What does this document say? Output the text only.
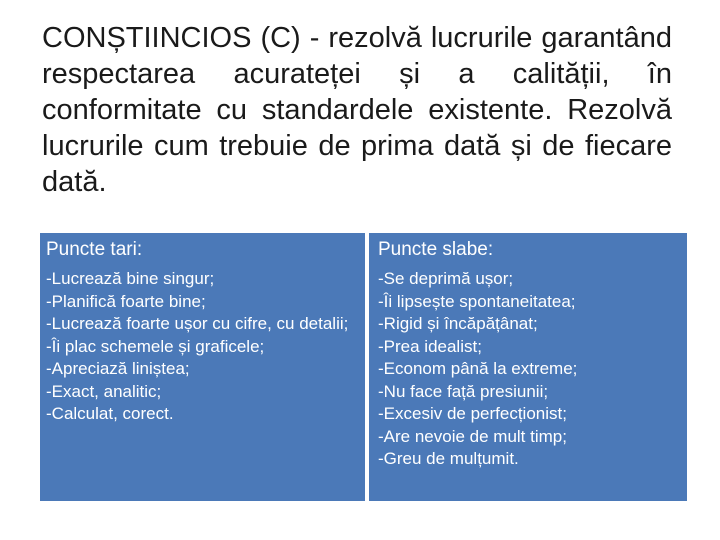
CONȘTIINCIOS (C) - rezolvă lucrurile garantând respectarea acurateței și a calității, în conformitate cu standardele existente. Rezolvă lucrurile cum trebuie de prima dată și de fiecare dată.
Puncte tari:
-Lucrează bine singur;
-Planifică foarte bine;
-Lucrează foarte ușor cu cifre, cu detalii;
-Îi plac schemele și graficele;
-Apreciază liniștea;
-Exact, analitic;
-Calculat, corect.
Puncte slabe:
-Se deprimă ușor;
-Îi lipsește spontaneitatea;
-Rigid și încăpățânat;
-Prea idealist;
-Econom până la extreme;
-Nu face față presiunii;
-Excesiv de perfecționist;
-Are nevoie de mult timp;
-Greu de mulțumit.
